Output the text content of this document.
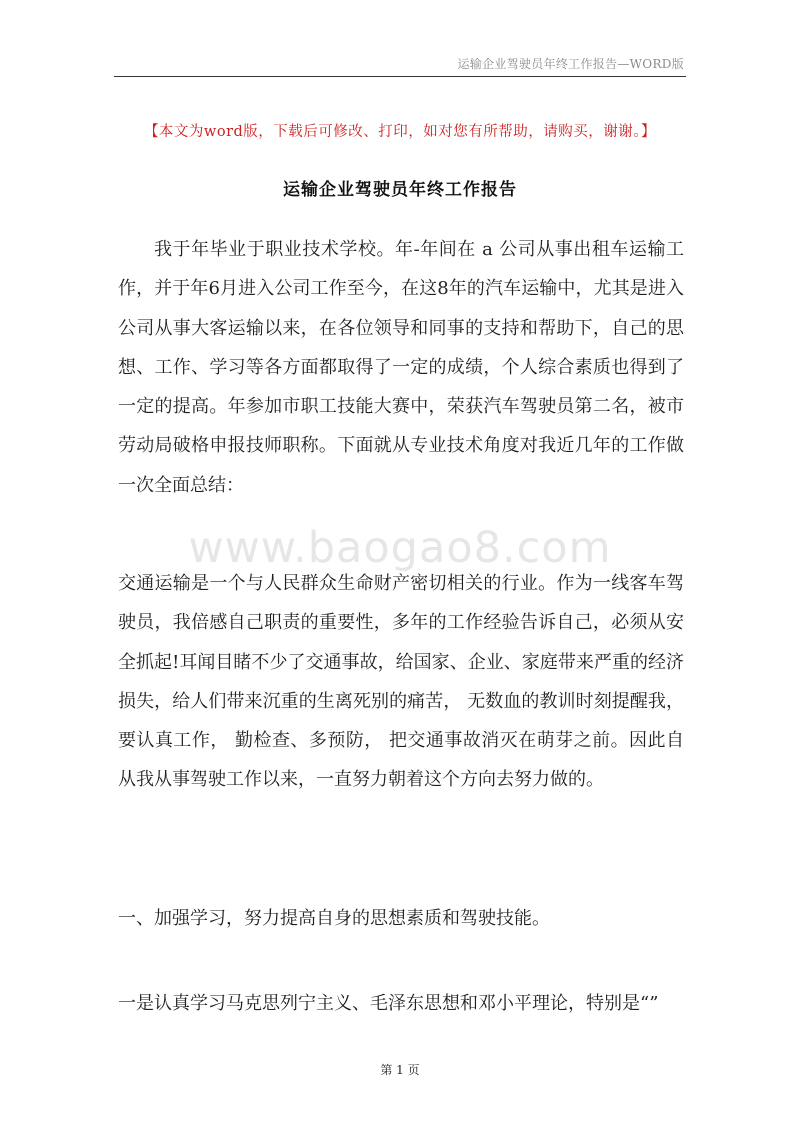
运输企业驾驶员年终工作报告—WORD版
【本文为word版，下载后可修改、打印，如对您有所帮助，请购买，谢谢。】
运输企业驾驶员年终工作报告

我于年毕业于职业技术学校。年-年间在 a 公司从事出租车运输工作，并于年6月进入公司工作至今，在这8年的汽车运输中，尤其是进入公司从事大客运输以来，在各位领导和同事的支持和帮助下，自己的思想、工作、学习等各方面都取得了一定的成绩，个人综合素质也得到了一定的提高。年参加市职工技能大赛中，荣获汽车驾驶员第二名，被市劳动局破格申报技师职称。下面就从专业技术角度对我近几年的工作做一次全面总结：

www.baogao8.com

交通运输是一个与人民群众生命财产密切相关的行业。作为一线客车驾驶员，我倍感自己职责的重要性，多年的工作经验告诉自己，必须从安全抓起!耳闻目睹不少了交通事故，给国家、企业、家庭带来严重的经济损失，给人们带来沉重的生离死别的痛苦， 无数血的教训时刻提醒我，要认真工作， 勤检查、多预防， 把交通事故消灭在萌芽之前。因此自从我从事驾驶工作以来，一直努力朝着这个方向去努力做的。

一、加强学习，努力提高自身的思想素质和驾驶技能。

一是认真学习马克思列宁主义、毛泽东思想和邓小平理论，特别是“”

第 1 页
